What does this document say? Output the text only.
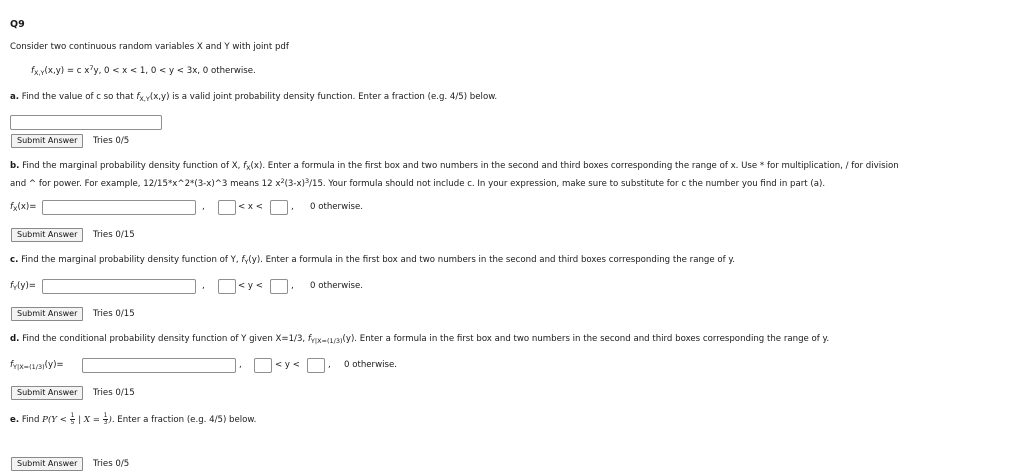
Q9
Consider two continuous random variables X and Y with joint pdf
$f_{X,Y}(x,y) = c$ $x^7y$, 0 < x < 1, 0 < y < 3x, 0 otherwise.
a. Find the value of c so that $f_{X,Y}(x,y)$ is a valid joint probability density function. Enter a fraction (e.g. 4/5) below.
Submit Answer	Tries 0/5
b. Find the marginal probability density function of X, $f_X(x)$. Enter a formula in the first box and two numbers in the second and third boxes corresponding the range of x. Use * for multiplication, / for division
and ^ for power. For example, 12/15*x^2*(3-x)^3 means 12 $x^2(3-x)^3/15$. Your formula should not include c. In your expression, make sure to substitute for c the number you find in part (a).
$f_X(x)=$	,	< x <	, 0 otherwise.
Submit Answer	Tries 0/15
c. Find the marginal probability density function of Y, $f_Y(y)$. Enter a formula in the first box and two numbers in the second and third boxes corresponding the range of y.
$f_Y(y)=$	,	< y <	, 0 otherwise.
Submit Answer	Tries 0/15
d. Find the conditional probability density function of Y given X=1/3, $f_{Y|X=(1/3)}(y)$. Enter a formula in the first box and two numbers in the second and third boxes corresponding the range of y.
$f_{Y|X=(1/3)}(y)=$	,	< y <	, 0 otherwise.
Submit Answer	Tries 0/15
e. Find $P(Y < \frac{1}{5}$ | $X = \frac{1}{3}$ ). Enter a fraction (e.g. 4/5) below.
Submit Answer	Tries 0/5
